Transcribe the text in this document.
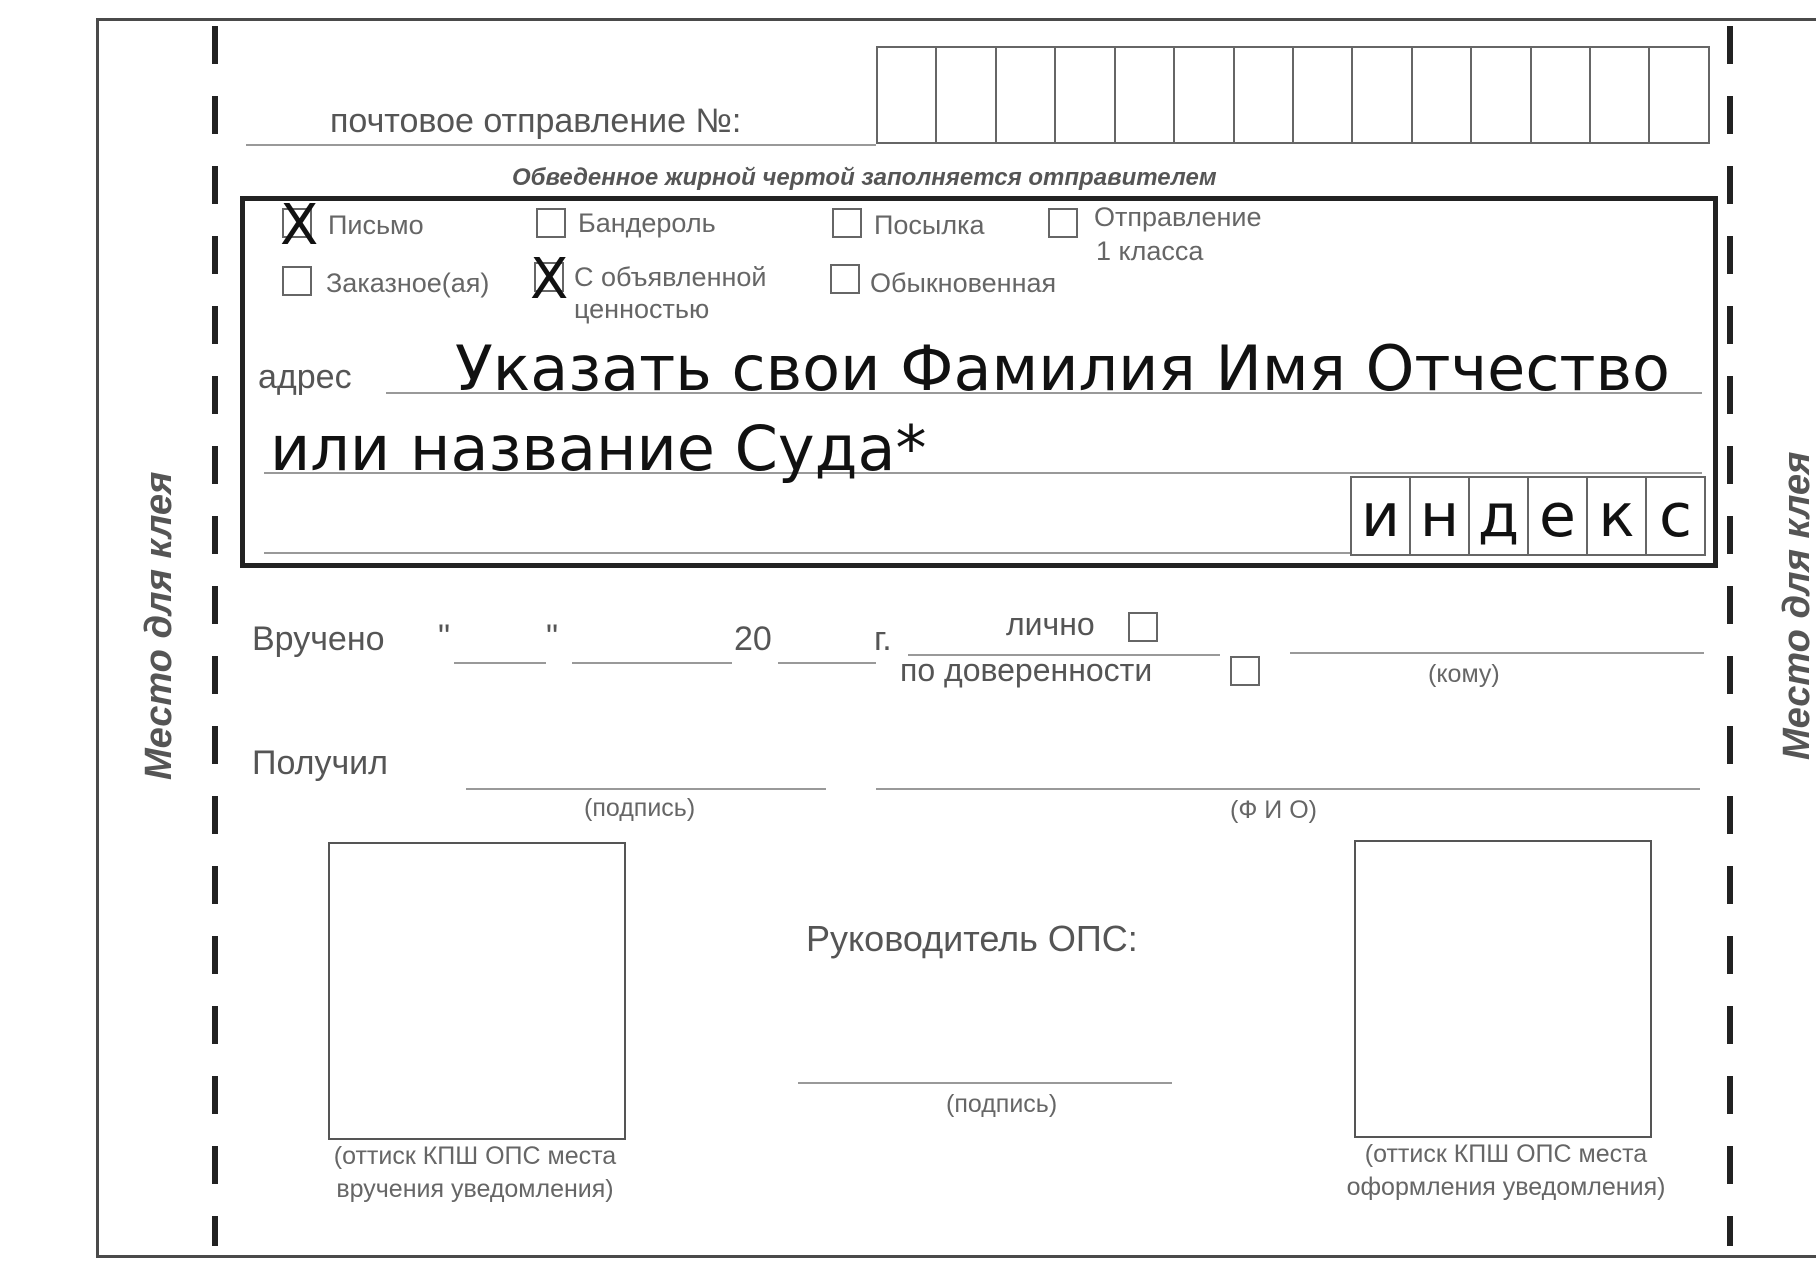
Место для клея	Место для клея
почтовое отправление №:
Обведенное жирной чертой заполняется отправителем
X Письмо	Бандероль	Посылка	Отправление
1 класса
Заказное(ая) X С объявленной
ценностью
Обыкновенная
адрес Указать свои Фамилия Имя Отчество
или название Суда*
и н д е к с
Вручено "	"	20	г.	лично
по доверенности	(кому)
Получил
(подпись)	(Ф И О)
(оттиск КПШ ОПС места
вручения уведомления)
(оттиск КПШ ОПС места
оформления уведомления)
Руководитель ОПС:
(подпись)
